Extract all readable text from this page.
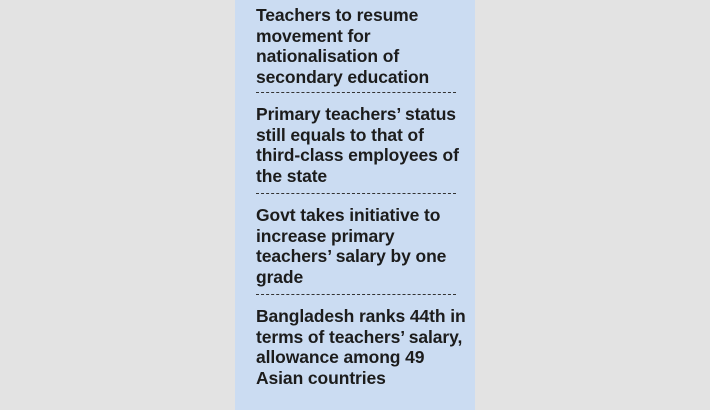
Teachers to resume movement for nationalisation of secondary education

Primary teachers’ status still equals to that of third-class employees of the state

Govt takes initiative to increase primary teachers’ salary by one grade

Bangladesh ranks 44th in terms of teachers’ salary, allowance among 49 Asian countries
